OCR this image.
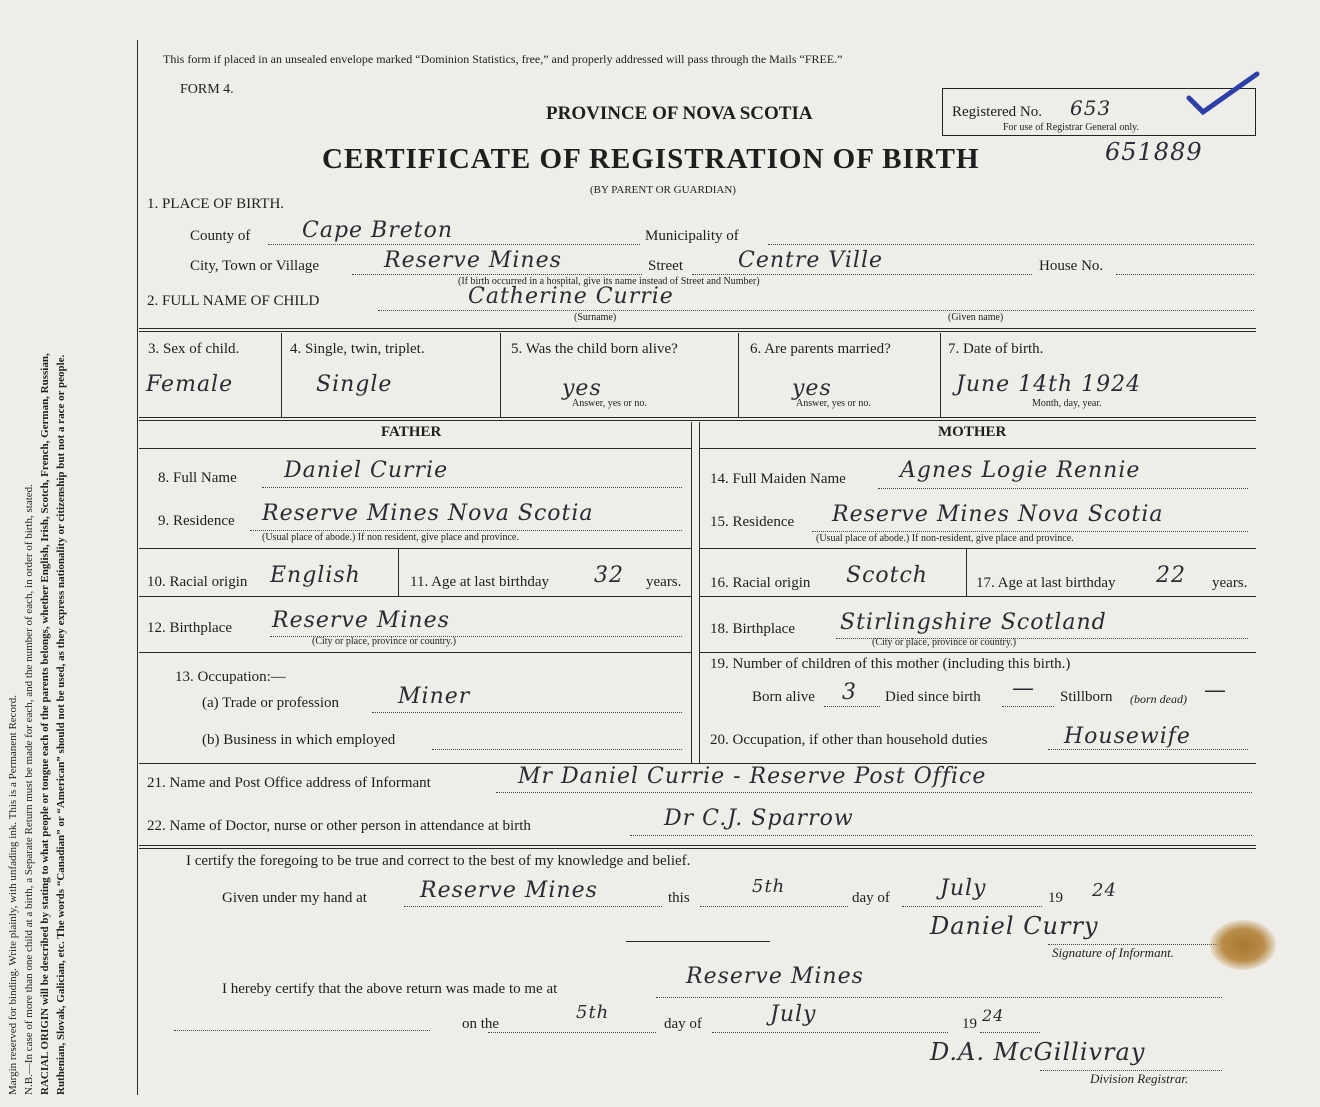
Margin reserved for binding. Write plainly, with unfading ink. This is a Permanent Record. N.B.—In case of more than one child at a birth, a Separate Return must be made for each, and the number of each, in order of birth, stated. RACIAL ORIGIN will be described by stating to what people or tongue each of the parents belongs, whether English, Irish, Scotch, French, German, Russian, Ruthenian, Slovak, Galician, etc. The words “Canadian” or “American” should not be used, as they express nationality or citizenship but not a race or people.
This form if placed in an unsealed envelope marked “Dominion Statistics, free,” and properly addressed will pass through the Mails “FREE.”
FORM 4.
PROVINCE OF NOVA SCOTIA
CERTIFICATE OF REGISTRATION OF BIRTH
(BY PARENT OR GUARDIAN)
651889
Registered No. 653
For use of Registrar General only.
1. PLACE OF BIRTH.
County of Cape Breton	Municipality of
City, Town or Village	Reserve Mines	Street	Centre Ville	House No.
(If birth occurred in a hospital, give its name instead of Street and Number)
2. FULL NAME OF CHILD	Catherine Currie
(Surname)	(Given name)
3. Sex of child.
Female
4. Single, twin, triplet.
Single
5. Was the child born alive?
yes
Answer, yes or no.
6. Are parents married?
yes
Answer, yes or no.
7. Date of birth.
June 14th 1924
Month, day, year.
FATHER	MOTHER
8. Full Name Daniel Currie
9. Residence Reserve Mines Nova Scotia
(Usual place of abode.) If non resident, give place and province.
10. Racial origin English	11. Age at last birthday 32 years.
12. Birthplace Reserve Mines
(City or place, province or country.)
13. Occupation:—
(a) Trade or profession	Miner
(b) Business in which employed
14. Full Maiden Name Agnes Logie Rennie
15. Residence Reserve Mines Nova Scotia
(Usual place of abode.) If non-resident, give place and province.
16. Racial origin Scotch	17. Age at last birthday 22 years.
18. Birthplace Stirlingshire Scotland
(City or place, province or country.)
19. Number of children of this mother (including this birth.)
Born alive 3 Died since birth — Stillborn (born dead) —
20. Occupation, if other than household duties	Housewife
21. Name and Post Office address of Informant	Mr Daniel Currie - Reserve Post Office
22. Name of Doctor, nurse or other person in attendance at birth	Dr C.J. Sparrow
I certify the foregoing to be true and correct to the best of my knowledge and belief.
Given under my hand at Reserve Mines	this
5th
day of July	19 24
Daniel Curry
Signature of Informant.
I hereby certify that the above return was made to me at	Reserve Mines
on the
5th
day of	July	19 24
D.A. McGillivray
Division Registrar.
